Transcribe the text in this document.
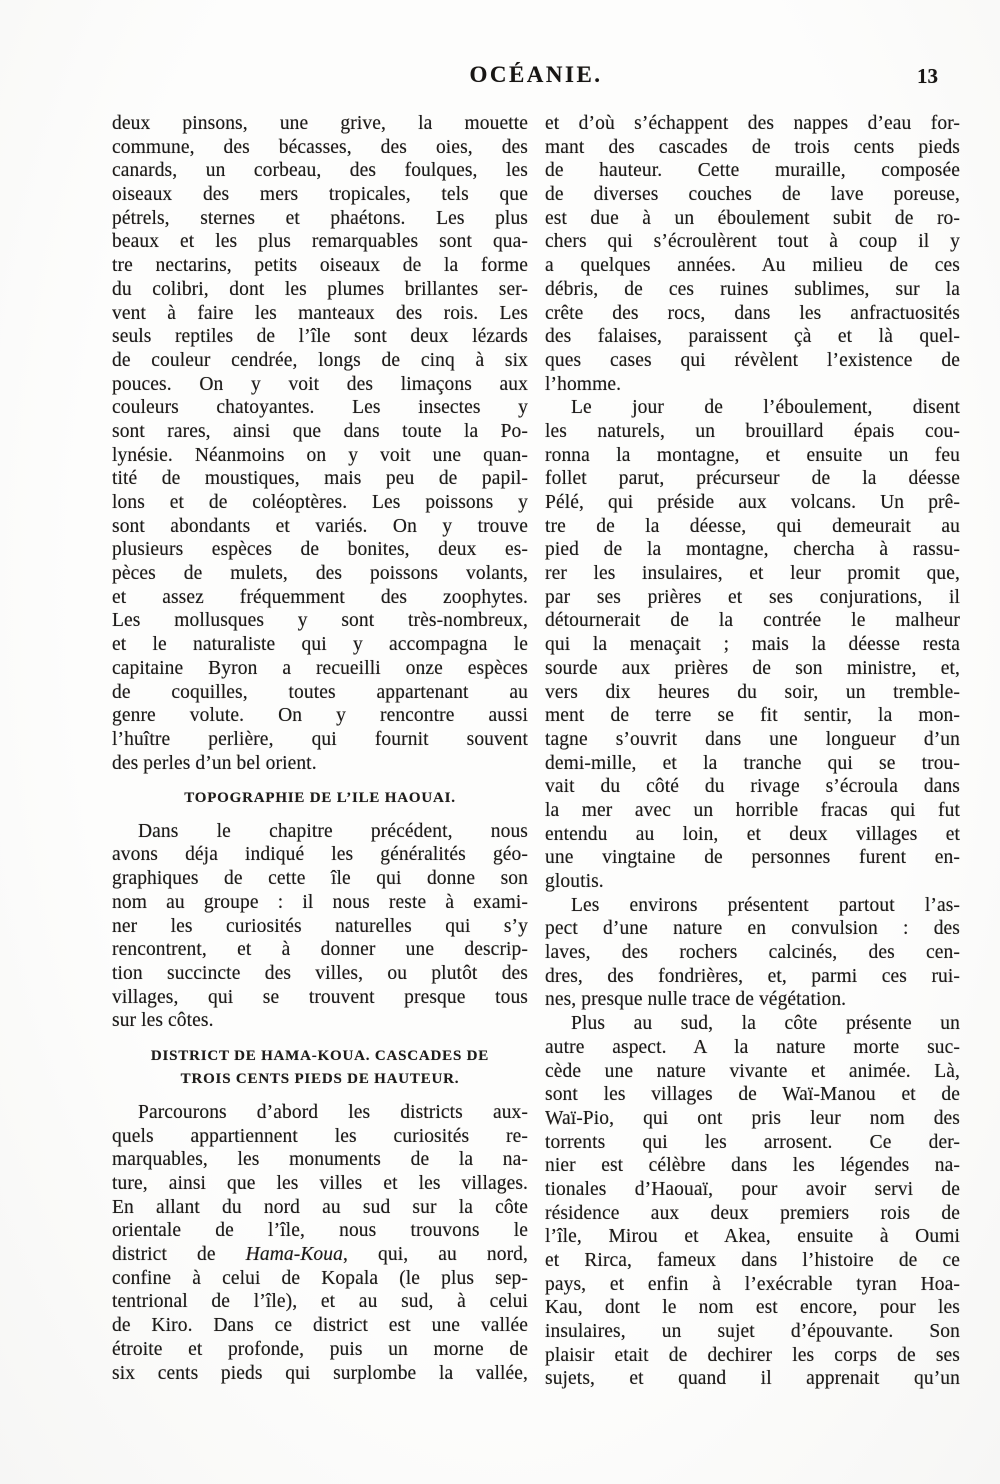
OCÉANIE.	13
deux pinsons, une grive, la mouette
commune, des bécasses, des oies, des
canards, un corbeau, des foulques, les
oiseaux des mers tropicales, tels que
pétrels, sternes et phaétons. Les plus
beaux et les plus remarquables sont qua-
tre nectarins, petits oiseaux de la forme
du colibri, dont les plumes brillantes ser-
vent à faire les manteaux des rois. Les
seuls reptiles de l’île sont deux lézards
de couleur cendrée, longs de cinq à six
pouces. On y voit des limaçons aux
couleurs chatoyantes. Les insectes y
sont rares, ainsi que dans toute la Po-
lynésie. Néanmoins on y voit une quan-
tité de moustiques, mais peu de papil-
lons et de coléoptères. Les poissons y
sont abondants et variés. On y trouve
plusieurs espèces de bonites, deux es-
pèces de mulets, des poissons volants,
et assez fréquemment des zoophytes.
Les mollusques y sont très-nombreux,
et le naturaliste qui y accompagna le
capitaine Byron a recueilli onze espèces
de coquilles, toutes appartenant au
genre volute. On y rencontre aussi
l’huître perlière, qui fournit souvent
des perles d’un bel orient.
TOPOGRAPHIE DE L’ILE HAOUAI.
Dans le chapitre précédent, nous
avons déja indiqué les généralités géo-
graphiques de cette île qui donne son
nom au groupe : il nous reste à exami-
ner les curiosités naturelles qui s’y
rencontrent, et à donner une descrip-
tion succincte des villes, ou plutôt des
villages, qui se trouvent presque tous
sur les côtes.
DISTRICT DE HAMA-KOUA. CASCADES DE
TROIS CENTS PIEDS DE HAUTEUR.
Parcourons d’abord les districts aux-
quels appartiennent les curiosités re-
marquables, les monuments de la na-
ture, ainsi que les villes et les villages.
En allant du nord au sud sur la côte
orientale de l’île, nous trouvons le
district de Hama-Koua, qui, au nord,
confine à celui de Kopala (le plus sep-
tentrional de l’île), et au sud, à celui
de Kiro. Dans ce district est une vallée
étroite et profonde, puis un morne de
six cents pieds qui surplombe la vallée,
et d’où s’échappent des nappes d’eau for-
mant des cascades de trois cents pieds
de hauteur. Cette muraille, composée
de diverses couches de lave poreuse,
est due à un éboulement subit de ro-
chers qui s’écroulèrent tout à coup il y
a quelques années. Au milieu de ces
débris, de ces ruines sublimes, sur la
crête des rocs, dans les anfractuosités
des falaises, paraissent çà et là quel-
ques cases qui révèlent l’existence de
l’homme.
Le jour de l’éboulement, disent
les naturels, un brouillard épais cou-
ronna la montagne, et ensuite un feu
follet parut, précurseur de la déesse
Pélé, qui préside aux volcans. Un prê-
tre de la déesse, qui demeurait au
pied de la montagne, chercha à rassu-
rer les insulaires, et leur promit que,
par ses prières et ses conjurations, il
détournerait de la contrée le malheur
qui la menaçait ; mais la déesse resta
sourde aux prières de son ministre, et,
vers dix heures du soir, un tremble-
ment de terre se fit sentir, la mon-
tagne s’ouvrit dans une longueur d’un
demi-mille, et la tranche qui se trou-
vait du côté du rivage s’écroula dans
la mer avec un horrible fracas qui fut
entendu au loin, et deux villages et
une vingtaine de personnes furent en-
gloutis.
Les environs présentent partout l’as-
pect d’une nature en convulsion : des
laves, des rochers calcinés, des cen-
dres, des fondrières, et, parmi ces rui-
nes, presque nulle trace de végétation.
Plus au sud, la côte présente un
autre aspect. A la nature morte suc-
cède une nature vivante et animée. Là,
sont les villages de Waï-Manou et de
Waï-Pio, qui ont pris leur nom des
torrents qui les arrosent. Ce der-
nier est célèbre dans les légendes na-
tionales d’Haouaï, pour avoir servi de
résidence aux deux premiers rois de
l’île, Mirou et Akea, ensuite à Oumi
et Rirca, fameux dans l’histoire de ce
pays, et enfin à l’exécrable tyran Hoa-
Kau, dont le nom est encore, pour les
insulaires, un sujet d’épouvante. Son
plaisir etait de dechirer les corps de ses
sujets, et quand il apprenait qu’un
